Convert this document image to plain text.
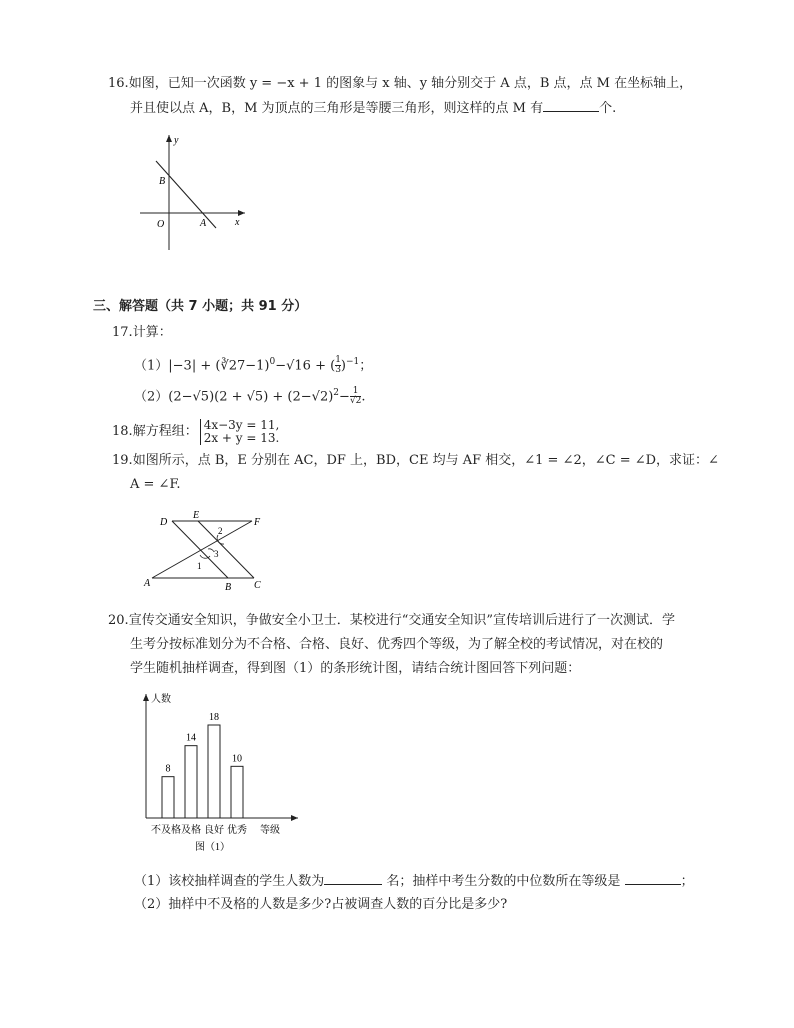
16.如图，已知一次函数 y = −x + 1 的图象与 x 轴、y 轴分别交于 A 点，B 点，点 M 在坐标轴上，
并且使以点 A，B，M 为顶点的三角形是等腰三角形，则这样的点 M 有	个.
y
x
B
A
O
三、解答题（共 7 小题；共 91 分）
17.计算：
（1）|−3| + (∛27−1)$^0$−√16 + ( $\frac{1}{3} )^{-1}$；
$(2)(2-√5)(2 + √5) + (2-√2)^2- \frac{1}{√2}$ .
18.解方程组： 4x−3y = 11,
2x + y = 13.
19.如图所示，点 B，E 分别在 AC，DF 上，BD，CE 均与 AF 相交，∠1 = ∠2，∠C = ∠D，求证：∠
A = ∠F.
D
E
F
A	B C
1
2
3
20.宣传交通安全知识，争做安全小卫士．某校进行“交通安全知识”宣传培训后进行了一次测试．学
生考分按标准划分为不合格、合格、良好、优秀四个等级，为了解全校的考试情况，对在校的
学生随机抽样调查，得到图（1）的条形统计图，请结合统计图回答下列问题：
人数
8
14
18
10
不及格 及格 良好 优秀 等级
图（1）
（1）该校抽样调查的学生人数为	名；抽样中考生分数的中位数所在等级是	；
（2）抽样中不及格的人数是多少?占被调查人数的百分比是多少?
